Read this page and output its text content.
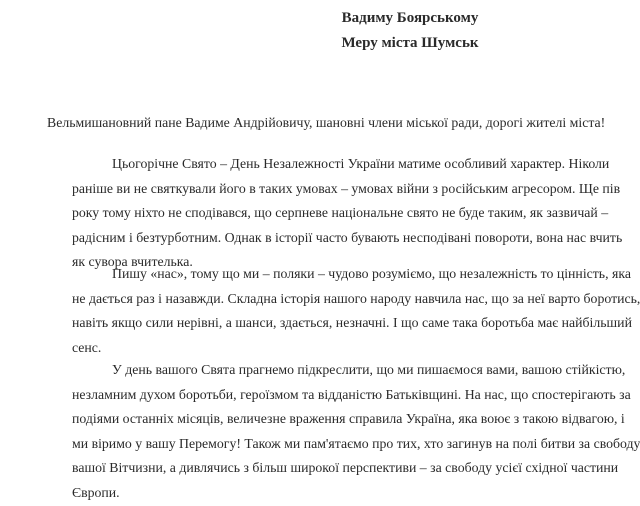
Вадиму Боярському
Меру міста Шумськ
Вельмишановний пане Вадиме Андрійовичу, шановні члени міської ради, дорогі жителі міста!
Цьогорічне Свято – День Незалежності України матиме особливий характер. Ніколи
раніше ви не святкували його в таких умовах – умовах війни з російським агресором. Ще пів
року тому ніхто не сподівався, що серпневе національне свято не буде таким, як зазвичай –
радісним і безтурботним. Однак в історії часто бувають несподівані повороти, вона нас вчить
як сувора вчителька.
Пишу «нас», тому що ми – поляки – чудово розуміємо, що незалежність то цінність, яка
не дається раз і назавжди. Складна історія нашого народу навчила нас, що за неї варто боротись,
навіть якщо сили нерівні, а шанси, здається, незначні. І що саме така боротьба має найбільший
сенс.
У день вашого Свята прагнемо підкреслити, що ми пишаємося вами, вашою стійкістю,
незламним духом боротьби, героїзмом та відданістю Батьківщині. На нас, що спостерігають за
подіями останніх місяців, величезне враження справила Україна, яка воює з такою відвагою, і
ми віримо у вашу Перемогу! Також ми пам'ятаємо про тих, хто загинув на полі битви за свободу
вашої Вітчизни, а дивлячись з більш широкої перспективи – за свободу усієї східної частини
Європи.
